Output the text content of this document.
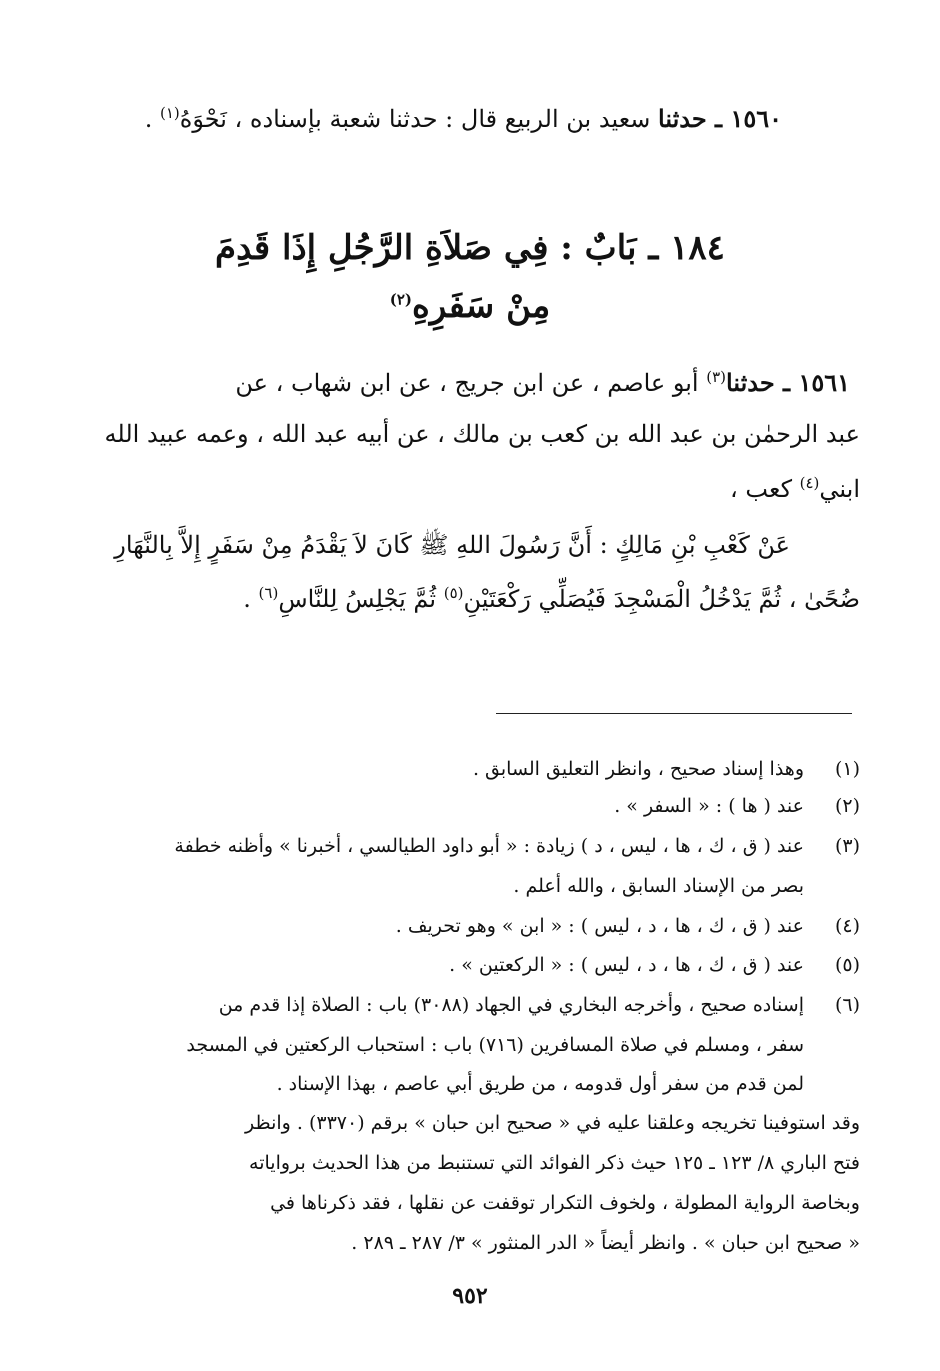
١٥٦٠ ـ حدثنا سعيد بن الربيع قال : حدثنا شعبة بإسناده ، نَحْوَهُ$^{(١)}$ .
١٨٤ ـ بَابٌ : فِي صَلاَةِ الرَّجُلِ إِذَا قَدِمَ
مِنْ سَفَرِهِ$^{(٢)}$
١٥٦١ ـ حدثنا$^{(٣)}$ أبو عاصم ، عن ابن جريج ، عن ابن شهاب ، عن
عبد الرحمٰن بن عبد الله بن كعب بن مالك ، عن أبيه عبد الله ، وعمه عبيد الله
ابني$^{(٤)}$ كعب ،
عَنْ كَعْبِ بْنِ مَالِكٍ : أَنَّ رَسُولَ اللهِ ﷺ كَانَ لاَ يَقْدَمُ مِنْ سَفَرٍ إِلاَّ بِالنَّهَارِ
ضُحًىٰ ، ثُمَّ يَدْخُلُ الْمَسْجِدَ فَيُصَلِّي رَكْعَتَيْنِ$^{(٥)}$ ثُمَّ يَجْلِسُ لِلنَّاسِ$^{(٦)}$ .
(١)وهذا إسناد صحيح ، وانظر التعليق السابق .
(٢)عند ( ها ) : « السفر » .
(٣)عند ( ق ، ك ، ها ، ليس ، د ) زيادة : « أبو داود الطيالسي ، أخبرنا » وأظنه خطفة
بصر من الإسناد السابق ، والله أعلم .
(٤)عند ( ق ، ك ، ها ، د ، ليس ) : « ابن » وهو تحريف .
(٥)عند ( ق ، ك ، ها ، د ، ليس ) : « الركعتين » .
(٦)إسناده صحيح ، وأخرجه البخاري في الجهاد (٣٠٨٨) باب : الصلاة إذا قدم من
سفر ، ومسلم في صلاة المسافرين (٧١٦) باب : استحباب الركعتين في المسجد
لمن قدم من سفر أول قدومه ، من طريق أبي عاصم ، بهذا الإسناد .
وقد استوفينا تخريجه وعلقنا عليه في « صحيح ابن حبان » برقم (٣٣٧٠) . وانظر
فتح الباري ٨/ ١٢٣ ـ ١٢٥ حيث ذكر الفوائد التي تستنبط من هذا الحديث برواياته
وبخاصة الرواية المطولة ، ولخوف التكرار توقفت عن نقلها ، فقد ذكرناها في
« صحيح ابن حبان » . وانظر أيضاً « الدر المنثور » ٣/ ٢٨٧ ـ ٢٨٩ .
٩٥٢
